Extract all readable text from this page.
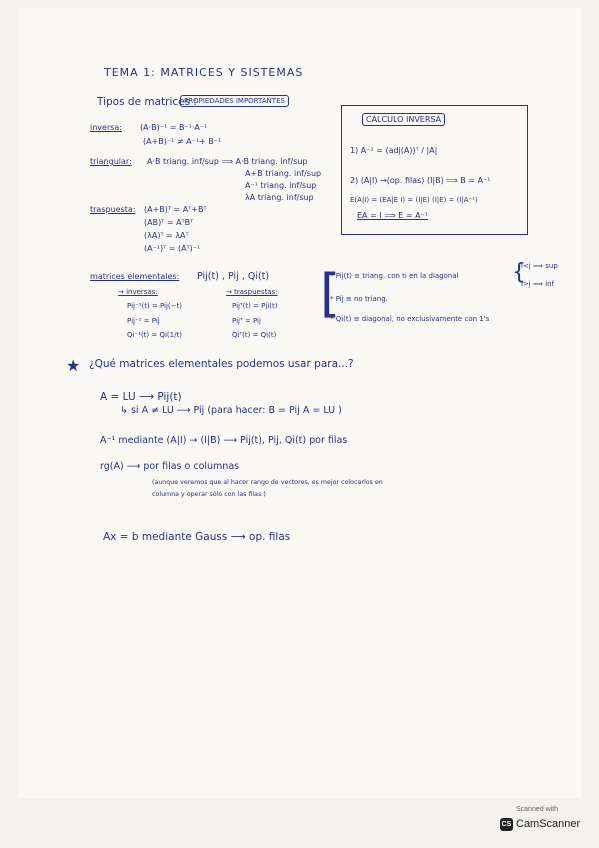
TEMA 1: MATRICES Y SISTEMAS
Tipos de matrices :
PROPIEDADES IMPORTANTES
inversa: (A·B)⁻¹ = B⁻¹·A⁻¹
(A+B)⁻¹ ≠ A⁻¹+ B⁻¹
triangular: A·B triang. inf/sup ⟹ A·B triang. inf/sup
A+B triang. inf/sup
A⁻¹ triang. inf/sup
λA triang. inf/sup
traspuesta: (A+B)ᵀ = Aᵀ+Bᵀ
(AB)ᵀ = AᵀBᵀ
(λA)ᵀ = λAᵀ
(A⁻¹)ᵀ = (Aᵀ)⁻¹
CÁLCULO INVERSA
1) A⁻¹ = (adj(A))ᵀ / |A|
2) (A|I) →(op. filas) (I|B) ⟹ B = A⁻¹
E(A|I) = (EA|E I) = (I|E) (I|E) = (I|A⁻¹)
EA = I ⟹ E = A⁻¹
matrices elementales: Pij(t) , Pij , Qi(t)
→ inversas:
Pij⁻¹(t) = Pij(−t)
Pij⁻¹ = Pij
Qi⁻¹(t) = Qi(1/t)
→ traspuestas:
Pijᵀ(t) = Pji(t)
Pijᵀ = Pij
Qiᵀ(t) = Qi(t)
[
* Pij(t) ≡ triang. con ti en la diagonal {
i<j ⟹ sup
i>j ⟹ inf
* Pij ≡ no triang.
* Qi(t) ≡ diagonal, no exclusivamente con 1's
★ ¿Qué matrices elementales podemos usar para...?
A = LU ⟶ Pij(t)
↳ si A ≠ LU ⟶ Pij (para hacer: B = Pij A = LU )
A⁻¹ mediante (A|I) → (I|B) ⟶ Pij(t), Pij, Qi(t) por filas
rg(A) ⟶ por filas o columnas
(aunque veremos que al hacer rango de vectores, es mejor colocarlos en
columna y operar sólo con las filas )
Ax = b mediante Gauss ⟶ op. filas
Scanned with
CS CamScanner
